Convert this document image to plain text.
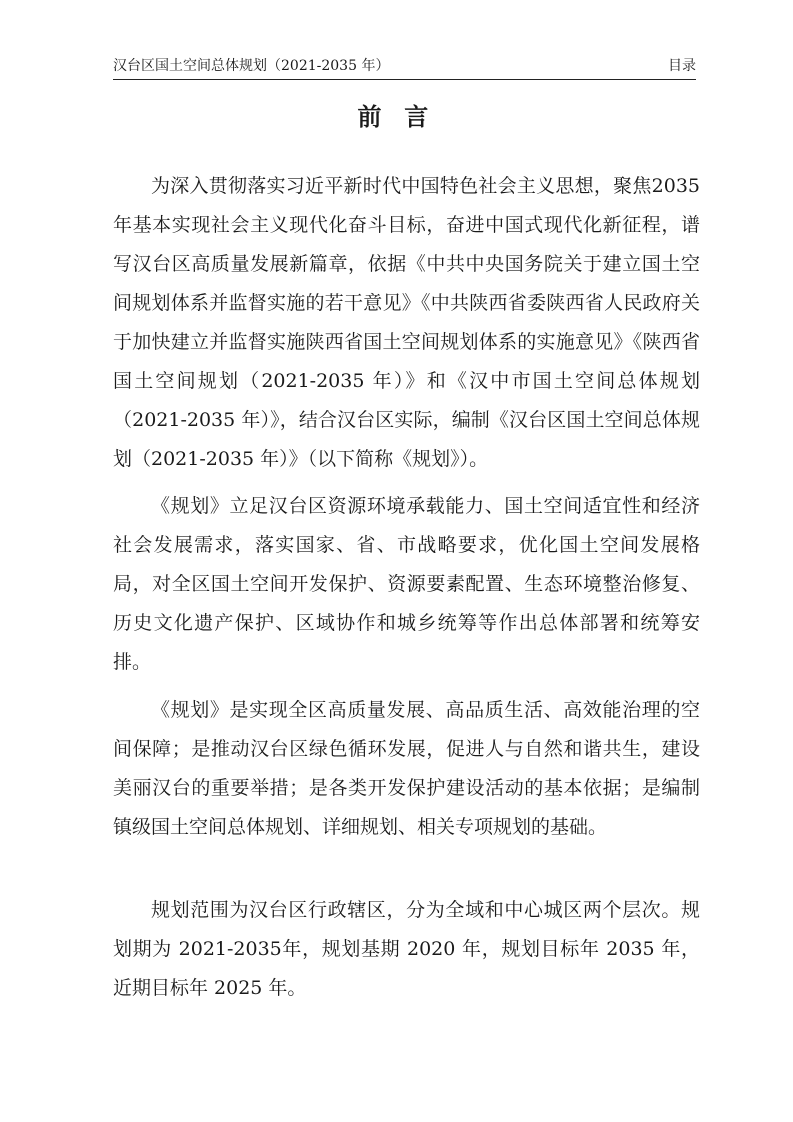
汉台区国土空间总体规划（2021-2035 年）	目录
前 言

为深入贯彻落实习近平新时代中国特色社会主义思想，聚焦2035 年基本实现社会主义现代化奋斗目标，奋进中国式现代化新征程，谱写汉台区高质量发展新篇章，依据《中共中央国务院关于建立国土空间规划体系并监督实施的若干意见》《中共陕西省委陕西省人民政府关于加快建立并监督实施陕西省国土空间规划体系的实施意见》《陕西省国土空间规划（2021-2035 年）》和《汉中市国土空间总体规划（2021-2035 年）》，结合汉台区实际，编制《汉台区国土空间总体规划（2021-2035 年）》（以下简称《规划》）。

《规划》立足汉台区资源环境承载能力、国土空间适宜性和经济社会发展需求，落实国家、省、市战略要求，优化国土空间发展格局，对全区国土空间开发保护、资源要素配置、生态环境整治修复、历史文化遗产保护、区域协作和城乡统筹等作出总体部署和统筹安排。

《规划》是实现全区高质量发展、高品质生活、高效能治理的空间保障；是推动汉台区绿色循环发展，促进人与自然和谐共生，建设美丽汉台的重要举措；是各类开发保护建设活动的基本依据；是编制镇级国土空间总体规划、详细规划、相关专项规划的基础。

规划范围为汉台区行政辖区，分为全域和中心城区两个层次。规划期为 2021-2035年，规划基期 2020 年，规划目标年 2035 年，近期目标年 2025 年。
